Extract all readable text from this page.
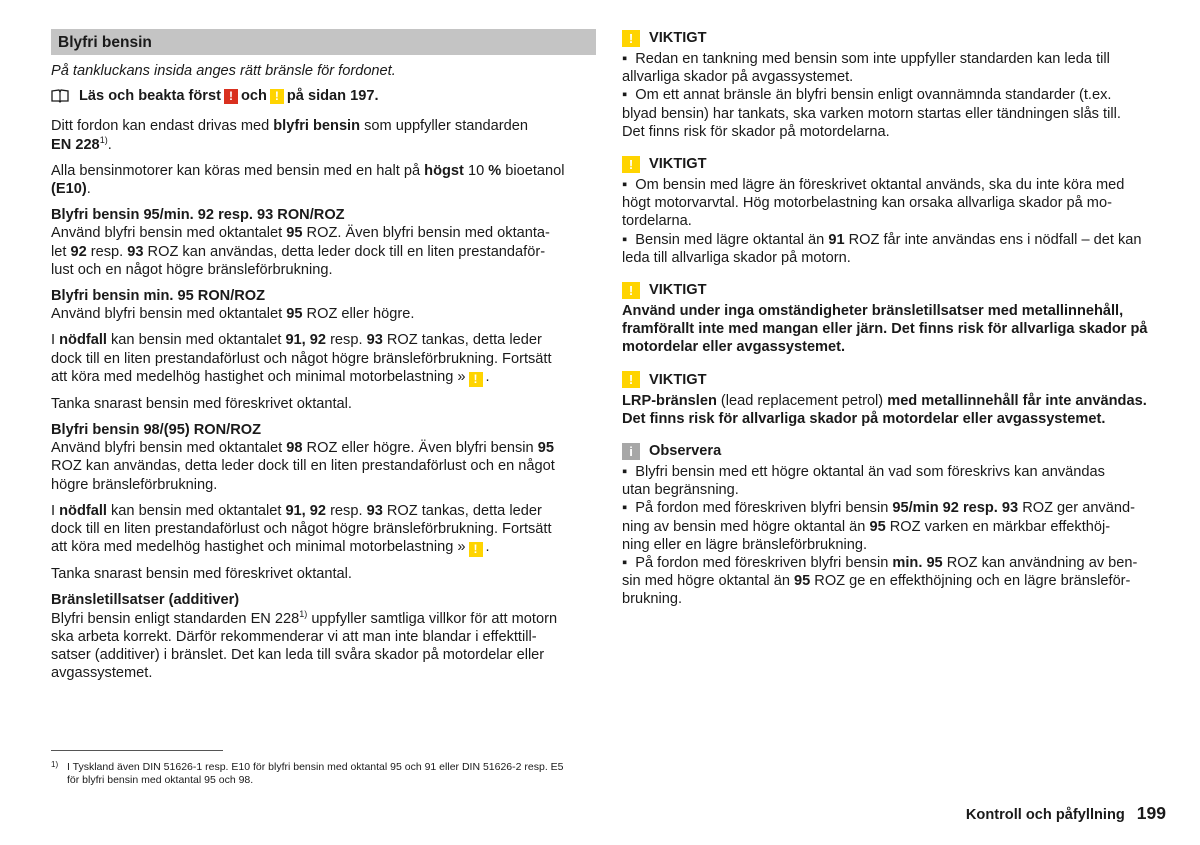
Blyfri bensin
På tankluckans insida anges rätt bränsle för fordonet.
Läs och beakta först ! och ! på sidan 197.

Ditt fordon kan endast drivas med blyfri bensin som uppfyller standarden
EN 228$^{1)}$.

Alla bensinmotorer kan köras med bensin med en halt på högst 10 % bioetanol
(E10).

Blyfri bensin 95/min. 92 resp. 93 RON/ROZ
Använd blyfri bensin med oktantalet 95 ROZ. Även blyfri bensin med oktanta-
let 92 resp. 93 ROZ kan användas, detta leder dock till en liten prestandaför-
lust och en något högre bränsleförbrukning.
Blyfri bensin min. 95 RON/ROZ
Använd blyfri bensin med oktantalet 95 ROZ eller högre.

I nödfall kan bensin med oktantalet 91, 92 resp. 93 ROZ tankas, detta leder
dock till en liten prestandaförlust och något högre bränsleförbrukning. Fortsätt
att köra med medelhög hastighet och minimal motorbelastning » ! .

Tanka snarast bensin med föreskrivet oktantal.

Blyfri bensin 98/(95) RON/ROZ
Använd blyfri bensin med oktantalet 98 ROZ eller högre. Även blyfri bensin 95
ROZ kan användas, detta leder dock till en liten prestandaförlust och en något
högre bränsleförbrukning.

I nödfall kan bensin med oktantalet 91, 92 resp. 93 ROZ tankas, detta leder
dock till en liten prestandaförlust och något högre bränsleförbrukning. Fortsätt
att köra med medelhög hastighet och minimal motorbelastning » ! .

Tanka snarast bensin med föreskrivet oktantal.

Bränsletillsatser (additiver)
Blyfri bensin enligt standarden EN 228$^{1)}$ uppfyller samtliga villkor för att motorn
ska arbeta korrekt. Därför rekommenderar vi att man inte blandar i effekttill-
satser (additiver) i bränslet. Det kan leda till svåra skador på motordelar eller
avgassystemet.
!	VIKTIGT
▪ Redan en tankning med bensin som inte uppfyller standarden kan leda till
allvarliga skador på avgassystemet.
▪ Om ett annat bränsle än blyfri bensin enligt ovannämnda standarder (t.ex.
blyad bensin) har tankats, ska varken motorn startas eller tändningen slås till.
Det finns risk för skador på motordelarna.
!	VIKTIGT
▪ Om bensin med lägre än föreskrivet oktantal används, ska du inte köra med
högt motorvarvtal. Hög motorbelastning kan orsaka allvarliga skador på mo-
tordelarna.
▪ Bensin med lägre oktantal än 91 ROZ får inte användas ens i nödfall – det kan
leda till allvarliga skador på motorn.
!	VIKTIGT
Använd under inga omständigheter bränsletillsatser med metallinnehåll,
framförallt inte med mangan eller järn. Det finns risk för allvarliga skador på
motordelar eller avgassystemet.
!	VIKTIGT
LRP-bränslen (lead replacement petrol) med metallinnehåll får inte användas.
Det finns risk för allvarliga skador på motordelar eller avgassystemet.
i	Observera
▪ Blyfri bensin med ett högre oktantal än vad som föreskrivs kan användas
utan begränsning.
▪ På fordon med föreskriven blyfri bensin 95/min 92 resp. 93 ROZ ger använd-
ning av bensin med högre oktantal än 95 ROZ varken en märkbar effekthöj-
ning eller en lägre bränsleförbrukning.
▪ På fordon med föreskriven blyfri bensin min. 95 ROZ kan användning av ben-
sin med högre oktantal än 95 ROZ ge en effekthöjning och en lägre bränsleför-
brukning.
1) I Tyskland även DIN 51626-1 resp. E10 för blyfri bensin med oktantal 95 och 91 eller DIN 51626-2 resp. E5
för blyfri bensin med oktantal 95 och 98.
Kontroll och påfyllning 199
